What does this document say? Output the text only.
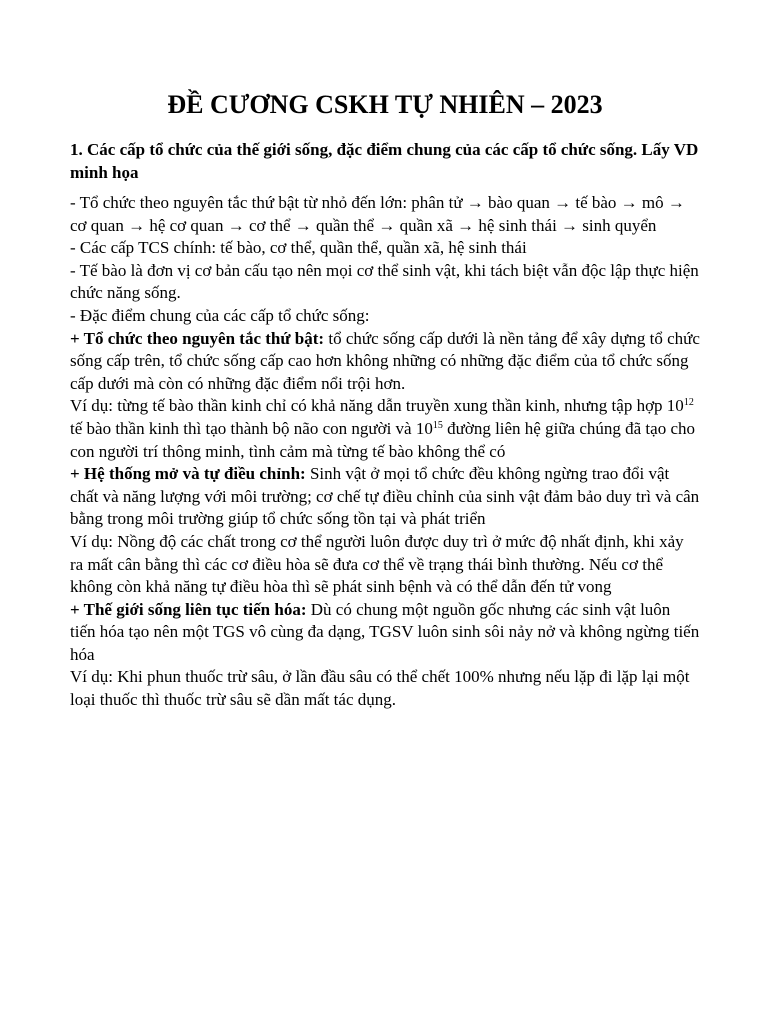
ĐỀ CƯƠNG CSKH TỰ NHIÊN – 2023
1. Các cấp tổ chức của thế giới sống, đặc điểm chung của các cấp tổ chức sống. Lấy VD minh họa

- Tổ chức theo nguyên tắc thứ bật từ nhỏ đến lớn: phân tử → bào quan → tế bào → mô → cơ quan → hệ cơ quan → cơ thể → quần thể → quần xã → hệ sinh thái → sinh quyển

- Các cấp TCS chính: tế bào, cơ thể, quần thể, quần xã, hệ sinh thái

- Tế bào là đơn vị cơ bản cấu tạo nên mọi cơ thể sinh vật, khi tách biệt vẫn độc lập thực hiện chức năng sống.

- Đặc điểm chung của các cấp tổ chức sống:

+ Tổ chức theo nguyên tắc thứ bật: tổ chức sống cấp dưới là nền tảng để xây dựng tổ chức sống cấp trên, tổ chức sống cấp cao hơn không những có những đặc điểm của tổ chức sống cấp dưới mà còn có những đặc điểm nổi trội hơn.

Ví dụ: từng tế bào thần kinh chỉ có khả năng dẫn truyền xung thần kinh, nhưng tập hợp $10^{12}$ tế bào thần kinh thì tạo thành bộ não con người và $10^{15}$ đường liên hệ giữa chúng đã tạo cho con người trí thông minh, tình cảm mà từng tế bào không thể có

+ Hệ thống mở và tự điều chỉnh: Sinh vật ở mọi tổ chức đều không ngừng trao đổi vật chất và năng lượng với môi trường; cơ chế tự điều chỉnh của sinh vật đảm bảo duy trì và cân bằng trong môi trường giúp tổ chức sống tồn tại và phát triển

Ví dụ: Nồng độ các chất trong cơ thể người luôn được duy trì ở mức độ nhất định, khi xảy ra mất cân bằng thì các cơ điều hòa sẽ đưa cơ thể về trạng thái bình thường. Nếu cơ thể không còn khả năng tự điều hòa thì sẽ phát sinh bệnh và có thể dẫn đến tử vong

+ Thế giới sống liên tục tiến hóa: Dù có chung một nguồn gốc nhưng các sinh vật luôn tiến hóa tạo nên một TGS vô cùng đa dạng, TGSV luôn sinh sôi nảy nở và không ngừng tiến hóa

Ví dụ: Khi phun thuốc trừ sâu, ở lần đầu sâu có thể chết 100% nhưng nếu lặp đi lặp lại một loại thuốc thì thuốc trừ sâu sẽ dần mất tác dụng.
